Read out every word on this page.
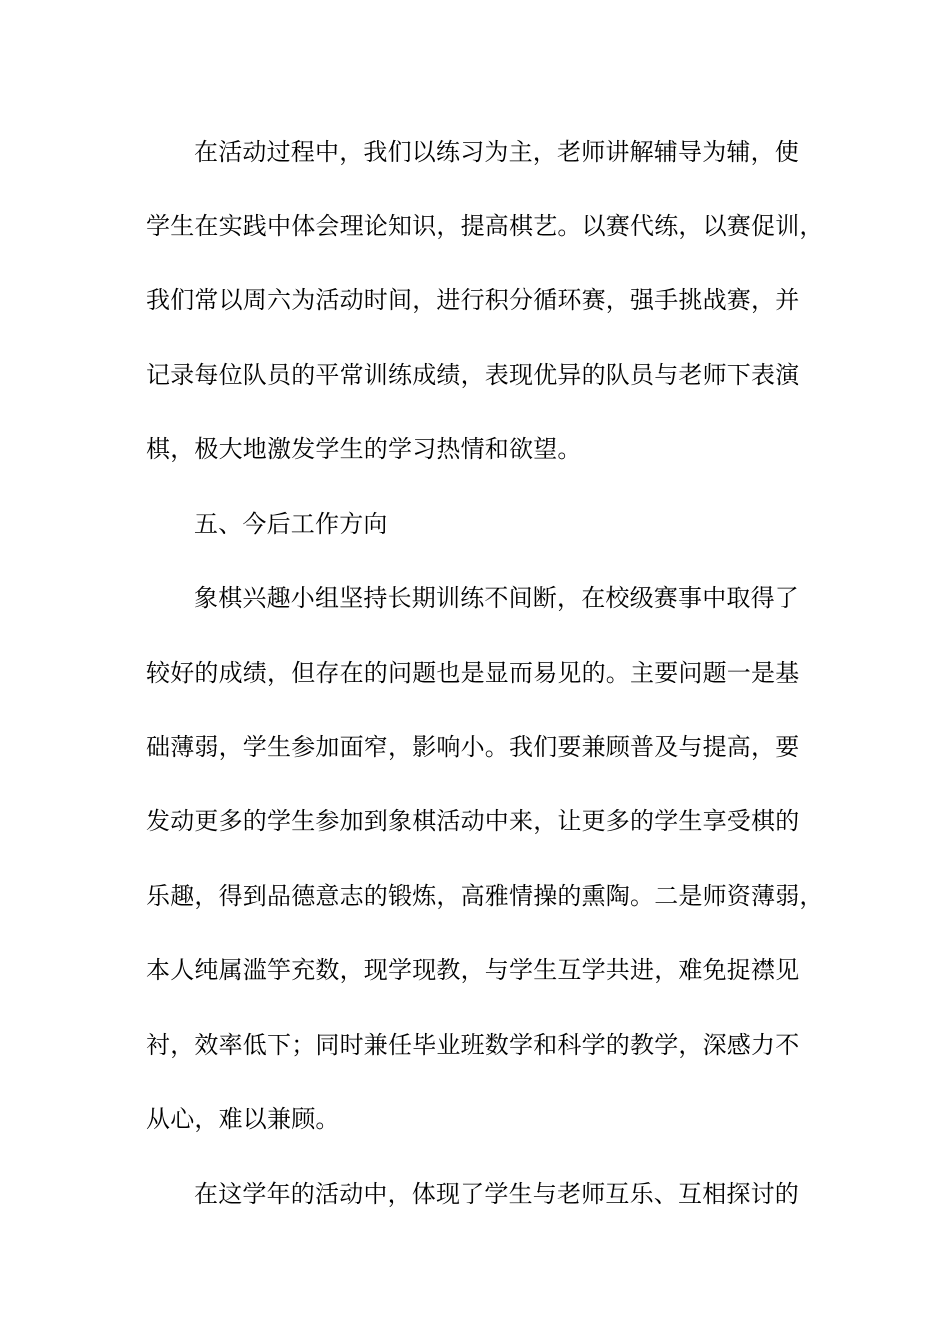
在活动过程中，我们以练习为主，老师讲解辅导为辅，使
学生在实践中体会理论知识，提高棋艺。以赛代练，以赛促训，
我们常以周六为活动时间，进行积分循环赛，强手挑战赛，并
记录每位队员的平常训练成绩，表现优异的队员与老师下表演
棋，极大地激发学生的学习热情和欲望。
五、今后工作方向
象棋兴趣小组坚持长期训练不间断，在校级赛事中取得了
较好的成绩，但存在的问题也是显而易见的。主要问题一是基
础薄弱，学生参加面窄，影响小。我们要兼顾普及与提高，要
发动更多的学生参加到象棋活动中来，让更多的学生享受棋的
乐趣，得到品德意志的锻炼，高雅情操的熏陶。二是师资薄弱，
本人纯属滥竽充数，现学现教，与学生互学共进，难免捉襟见
衬，效率低下；同时兼任毕业班数学和科学的教学，深感力不
从心，难以兼顾。
在这学年的活动中，体现了学生与老师互乐、互相探讨的
